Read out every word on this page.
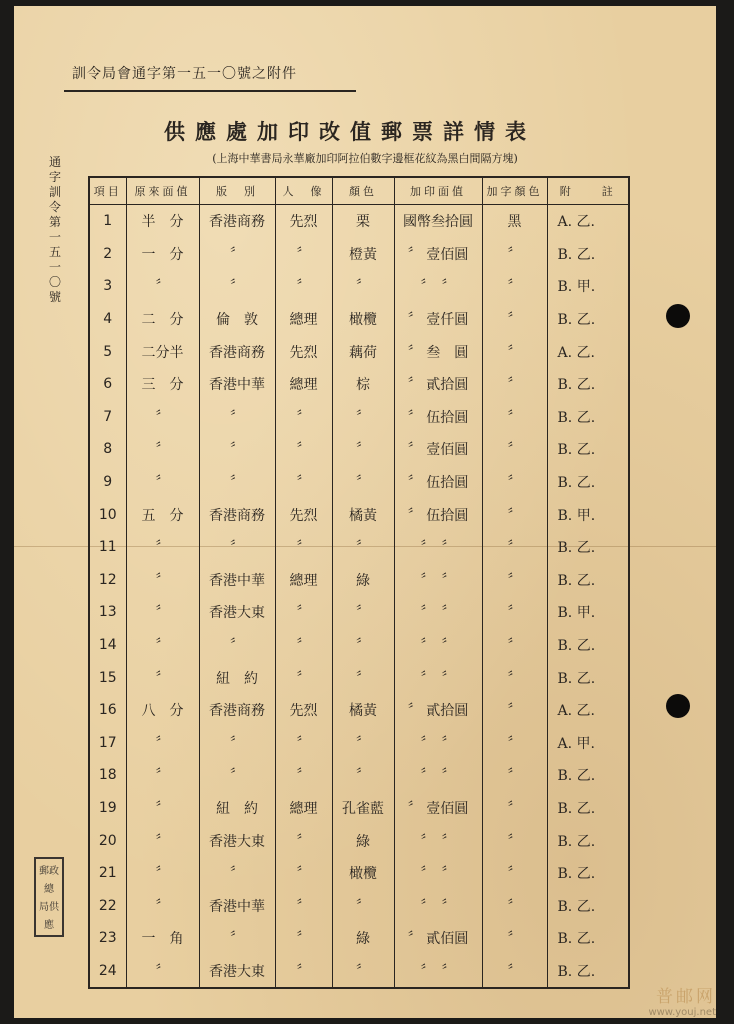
訓令局會通字第一五一〇號之附件
供應處加印改值郵票詳情表
(上海中華書局永華廠加印阿拉伯數字邊框花紋為黑白間隔方塊)
通字訓令第一五一〇號
郵政總
局供應
項目	原來面值	版　別	人　像	顏色	加印面值	加字顏色	附　　註
1	半　分	香港商務	先烈	栗	國幣叁拾圓	黑	A. 乙.
2	一　分	〞	〞	橙黃	〞 壹佰圓	〞	B. 乙.
3	〞	〞	〞	〞	〞　〞	〞	B. 甲.
4	二　分	倫　敦	總理	橄欖	〞 壹仟圓	〞	B. 乙.
5	二分半	香港商務	先烈	藕荷	〞 叁　圓	〞	A. 乙.
6	三　分	香港中華	總理	棕	〞 貳拾圓	〞	B. 乙.
7	〞	〞	〞	〞	〞 伍拾圓	〞	B. 乙.
8	〞	〞	〞	〞	〞 壹佰圓	〞	B. 乙.
9	〞	〞	〞	〞	〞 伍拾圓	〞	B. 乙.
10	五　分	香港商務	先烈	橘黃	〞 伍拾圓	〞	B. 甲.
11	〞	〞	〞	〞	〞　〞	〞	B. 乙.
12	〞	香港中華	總理	綠	〞　〞	〞	B. 乙.
13	〞	香港大東	〞	〞	〞　〞	〞	B. 甲.
14	〞	〞	〞	〞	〞　〞	〞	B. 乙.
15	〞	紐　約	〞	〞	〞　〞	〞	B. 乙.
16	八　分	香港商務	先烈	橘黃	〞 貳拾圓	〞	A. 乙.
17	〞	〞	〞	〞	〞　〞	〞	A. 甲.
18	〞	〞	〞	〞	〞　〞	〞	B. 乙.
19	〞	紐　約	總理	孔雀藍	〞 壹佰圓	〞	B. 乙.
20	〞	香港大東	〞	綠	〞　〞	〞	B. 乙.
21	〞	〞	〞	橄欖	〞　〞	〞	B. 乙.
22	〞	香港中華	〞	〞	〞　〞	〞	B. 乙.
23	一　角	〞	〞	綠	〞 貳佰圓	〞	B. 乙.
24	〞	香港大東	〞	〞	〞　〞	〞	B. 乙.
普邮网
www.youj.net
